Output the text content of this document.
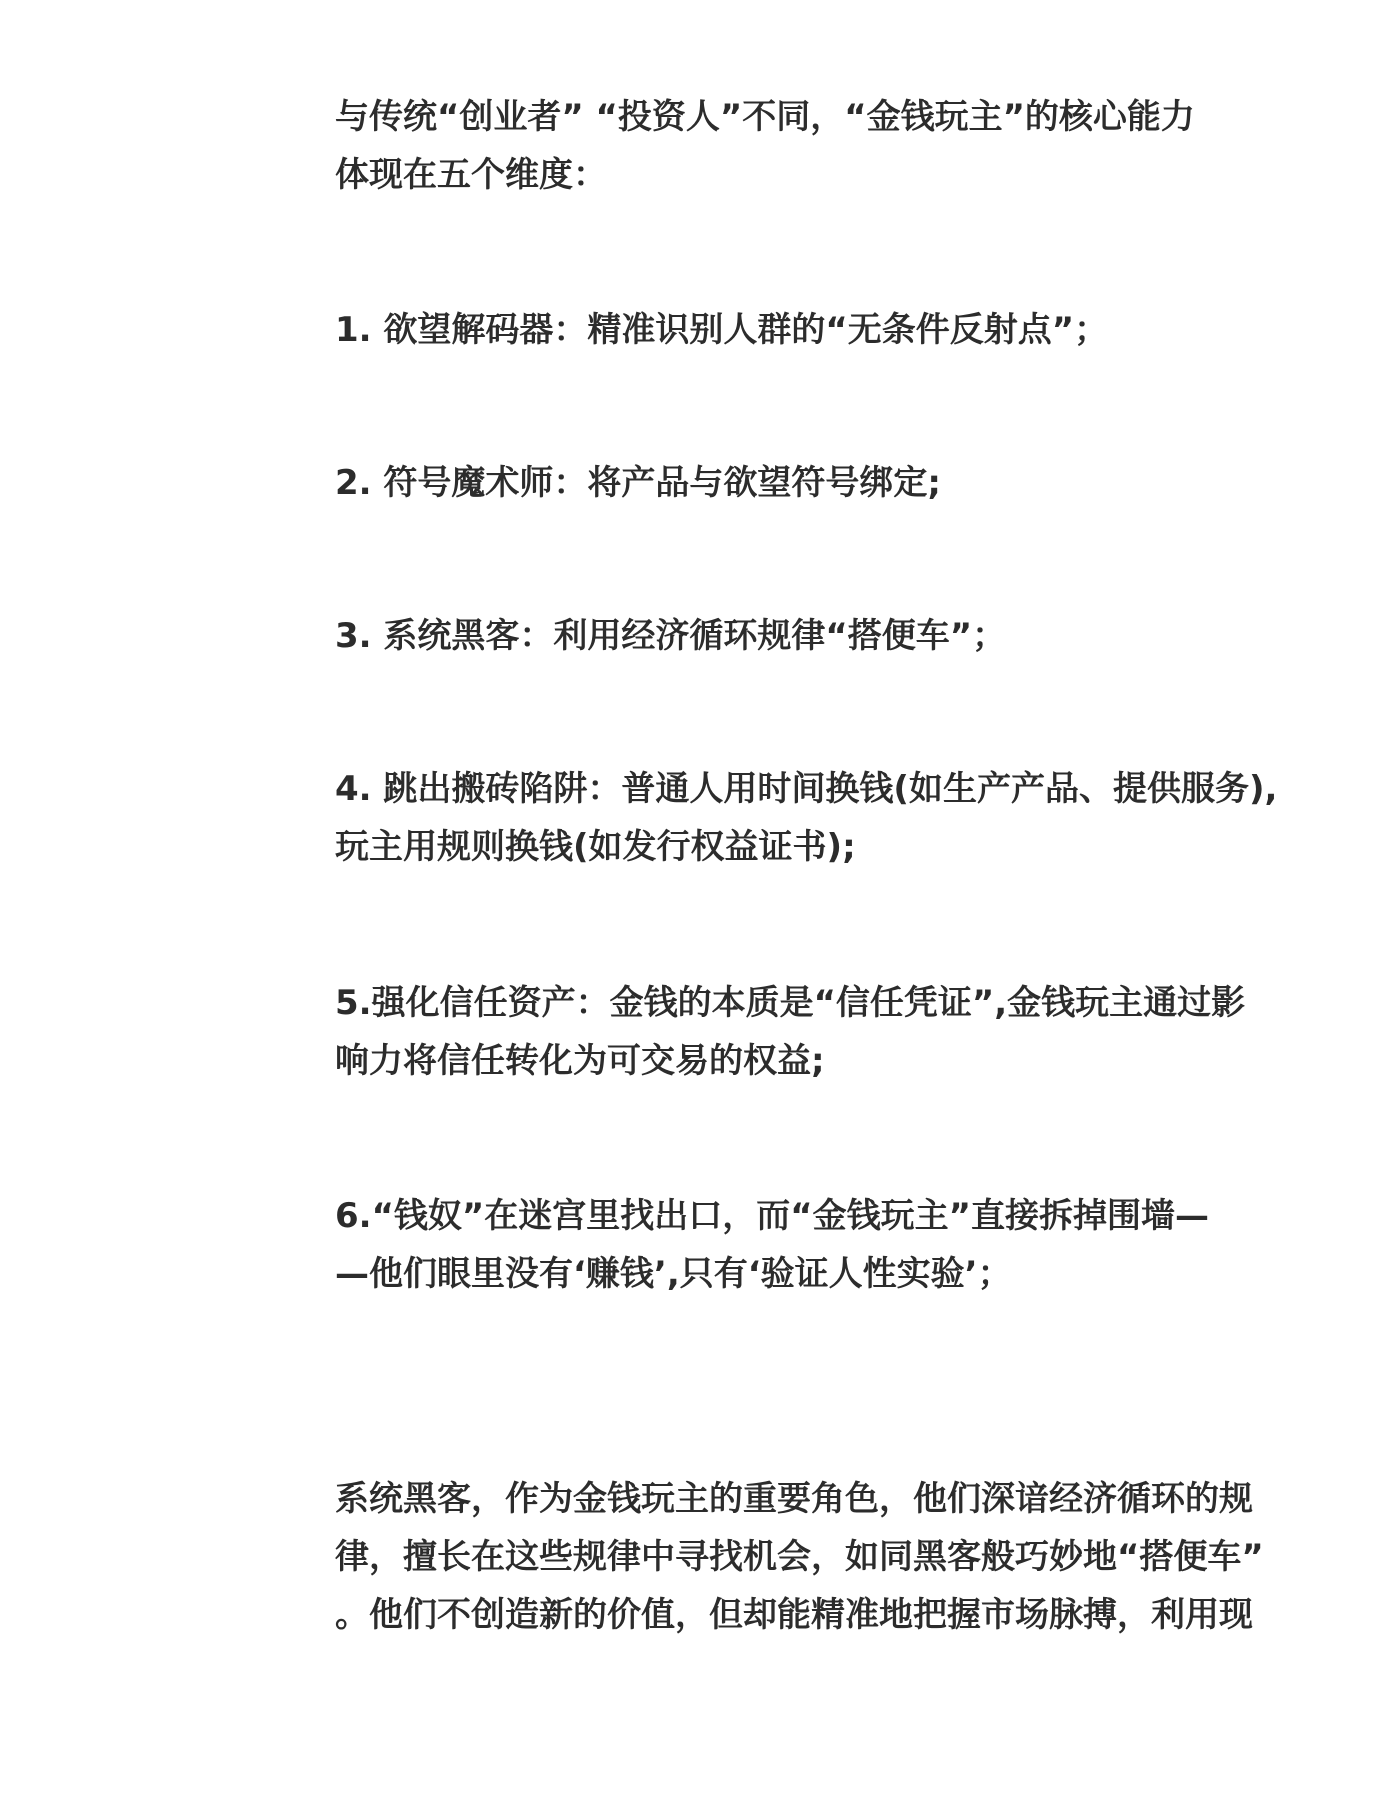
与传统“创业者” “投资人”不同，“金钱玩主”的核心能力
体现在五个维度：

1. 欲望解码器：精准识别人群的“无条件反射点”；

2. 符号魔术师：将产品与欲望符号绑定;

3. 系统黑客：利用经济循环规律“搭便车”；

4. 跳出搬砖陷阱：普通人用时间换钱(如生产产品、提供服务),
玩主用规则换钱(如发行权益证书);

5.强化信任资产：金钱的本质是“信任凭证”,金钱玩主通过影
响力将信任转化为可交易的权益;

6.“钱奴”在迷宫里找出口，而“金钱玩主”直接拆掉围墙—
—他们眼里没有‘赚钱’,只有‘验证人性实验’；

系统黑客，作为金钱玩主的重要角色，他们深谙经济循环的规
律，擅长在这些规律中寻找机会，如同黑客般巧妙地“搭便车”
。他们不创造新的价值，但却能精准地把握市场脉搏，利用现
